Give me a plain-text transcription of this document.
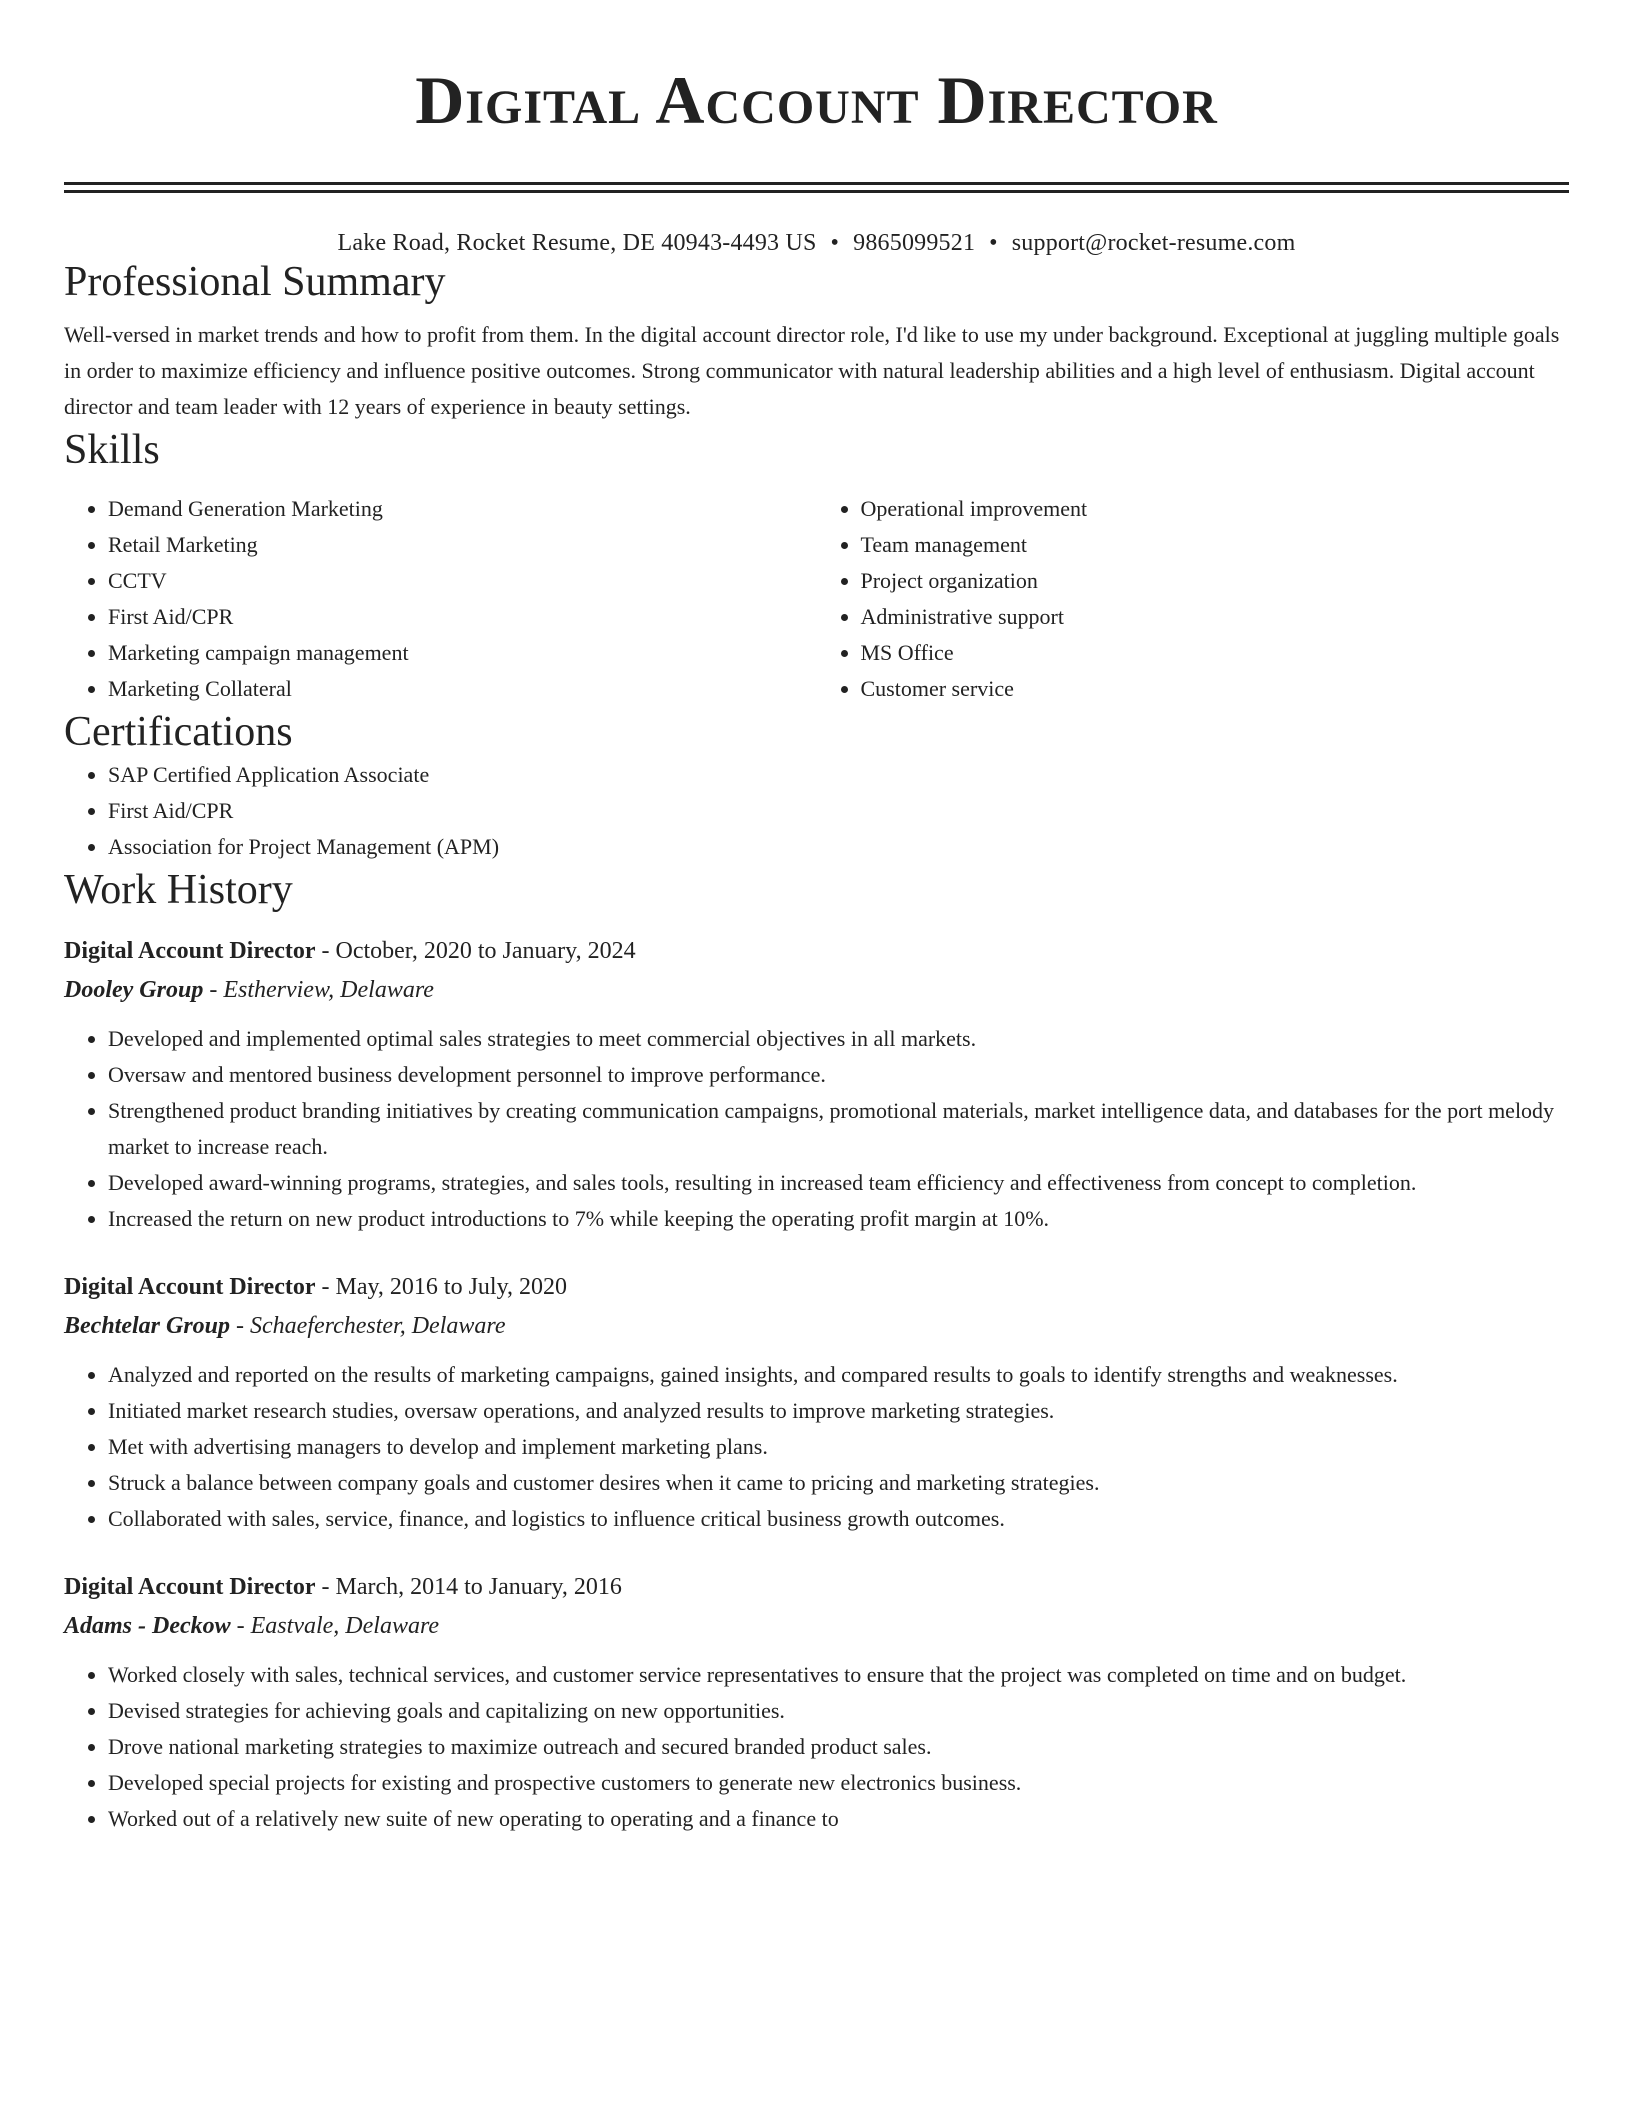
Digital Account Director
Lake Road, Rocket Resume, DE 40943-4493 US • 9865099521 • support@rocket-resume.com
Professional Summary
Well-versed in market trends and how to profit from them. In the digital account director role, I'd like to use my under background. Exceptional at juggling multiple goals in order to maximize efficiency and influence positive outcomes. Strong communicator with natural leadership abilities and a high level of enthusiasm. Digital account director and team leader with 12 years of experience in beauty settings.
Skills
• Demand Generation Marketing
• Retail Marketing
• CCTV
• First Aid/CPR
• Marketing campaign management
• Marketing Collateral
• Operational improvement
• Team management
• Project organization
• Administrative support
• MS Office
• Customer service
Certifications
• SAP Certified Application Associate
• First Aid/CPR
• Association for Project Management (APM)
Work History
Digital Account Director - October, 2020 to January, 2024
Dooley Group - Estherview, Delaware
• Developed and implemented optimal sales strategies to meet commercial objectives in all markets.
• Oversaw and mentored business development personnel to improve performance.
• Strengthened product branding initiatives by creating communication campaigns, promotional materials, market intelligence data, and databases for the port melody market to increase reach.
• Developed award-winning programs, strategies, and sales tools, resulting in increased team efficiency and effectiveness from concept to completion.
• Increased the return on new product introductions to 7% while keeping the operating profit margin at 10%.
Digital Account Director - May, 2016 to July, 2020
Bechtelar Group - Schaeferchester, Delaware
• Analyzed and reported on the results of marketing campaigns, gained insights, and compared results to goals to identify strengths and weaknesses.
• Initiated market research studies, oversaw operations, and analyzed results to improve marketing strategies.
• Met with advertising managers to develop and implement marketing plans.
• Struck a balance between company goals and customer desires when it came to pricing and marketing strategies.
• Collaborated with sales, service, finance, and logistics to influence critical business growth outcomes.
Digital Account Director - March, 2014 to January, 2016
Adams - Deckow - Eastvale, Delaware
• Worked closely with sales, technical services, and customer service representatives to ensure that the project was completed on time and on budget.
• Devised strategies for achieving goals and capitalizing on new opportunities.
• Drove national marketing strategies to maximize outreach and secured branded product sales.
• Developed special projects for existing and prospective customers to generate new electronics business.
• Worked out of a relatively new suite of new operating to operating and a finance to
